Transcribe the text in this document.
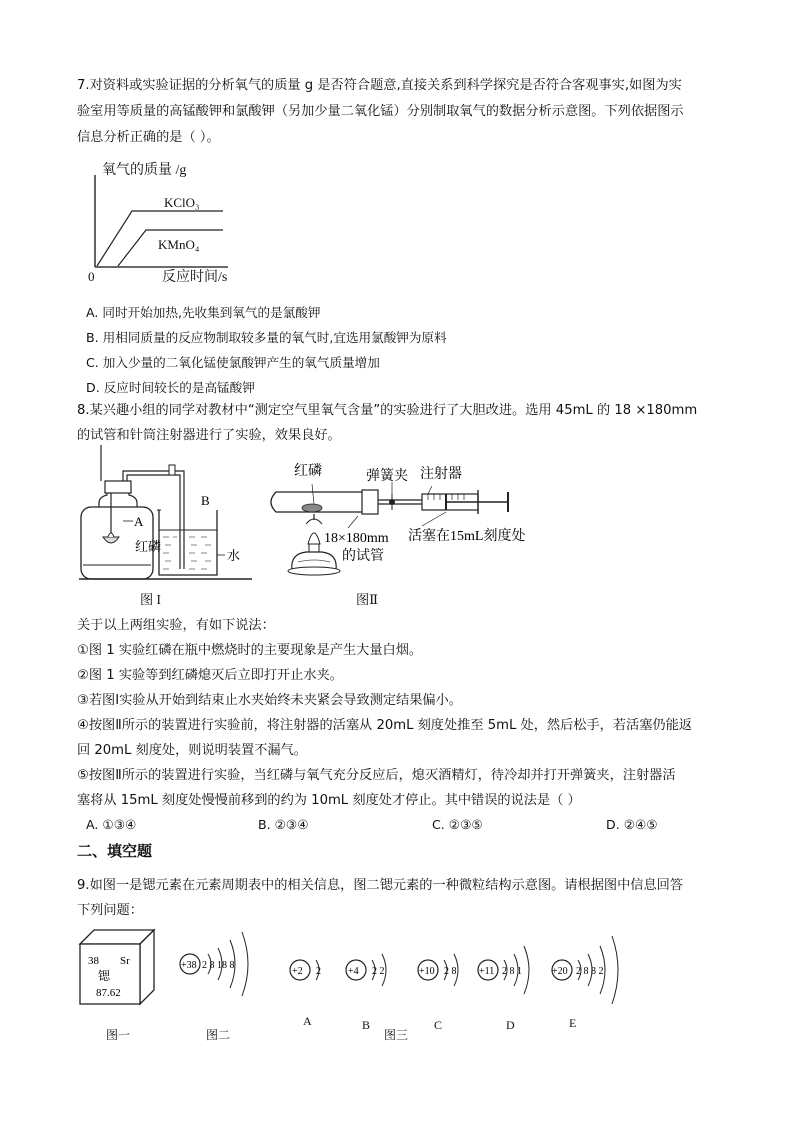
7.对资料或实验证据的分析氧气的质量 g 是否符合题意,直接关系到科学探究是否符合客观事实,如图为实
验室用等质量的高锰酸钾和氯酸钾（另加少量二氧化锰）分别制取氧气的数据分析示意图。下列依据图示
信息分析正确的是（ ）。
氧气的质量 /g
0	反应时间/s
KClO₃
KMnO₄
A. 同时开始加热,先收集到氧气的是氯酸钾
B. 用相同质量的反应物制取较多量的氧气时,宜选用氯酸钾为原料
C. 加入少量的二氧化锰使氯酸钾产生的氧气质量增加
D. 反应时间较长的是高锰酸钾
8.某兴趣小组的同学对教材中“测定空气里氧气含量”的实验进行了大胆改进。选用 45mL 的 18 ×180mm
的试管和针筒注射器进行了实验，效果良好。
A
B
红磷
水
图 I
红磷	弹簧夹 注射器
18×180mm
的试管
活塞在15mL刻度处
图Ⅱ
关于以上两组实验，有如下说法：
①图 1 实验红磷在瓶中燃烧时的主要现象是产生大量白烟。
②图 1 实验等到红磷熄灭后立即打开止水夹。
③若图Ⅰ实验从开始到结束止水夹始终未夹紧会导致测定结果偏小。
④按图Ⅱ所示的装置进行实验前，将注射器的活塞从 20mL 刻度处推至 5mL 处，然后松手，若活塞仍能返
回 20mL 刻度处，则说明装置不漏气。
⑤按图Ⅱ所示的装置进行实验，当红磷与氧气充分反应后，熄灭酒精灯，待冷却并打开弹簧夹，注射器活
塞将从 15mL 刻度处慢慢前移到的约为 10mL 刻度处才停止。其中错误的说法是（ ）
A. ①③④	B. ②③④	C. ②③⑤	D. ②④⑤
二、填空题
9.如图一是锶元素在元素周期表中的相关信息，图二锶元素的一种微粒结构示意图。请根据图中信息回答
下列问题：
38 Sr
锶
87.62
+38 2 8 18 8
+2 2	+4 2 2	+10 2 8 +11 2 8 1	+20 2 8 8 2
A	B	C	D	E
图一	图二	图三
